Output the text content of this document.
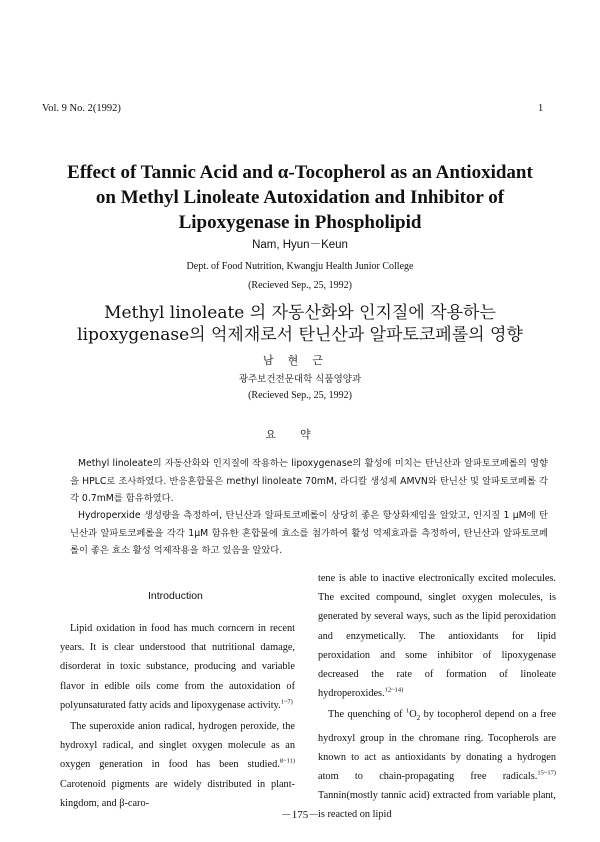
Vol. 9 No. 2(1992)	1
Effect of Tannic Acid and α-Tocopherol as an Antioxidant
on Methyl Linoleate Autoxidation and Inhibitor of
Lipoxygenase in Phospholipid
Nam, Hyun－Keun
Dept. of Food Nutrition, Kwangju Health Junior College
(Recieved Sep., 25, 1992)
Methyl linoleate 의 자동산화와 인지질에 작용하는
lipoxygenase의 억제재로서 탄닌산과 알파토코페롤의 영향
남현근
광주보건전문대학 식품영양과
(Recieved Sep., 25, 1992)
요약
Methyl linoleate의 자동산화와 인지질에 작용하는 lipoxygenase의 활성에 미치는 탄닌산과 알파토코페롤의 영향을 HPLC로 조사하였다. 반응혼합물은 methyl linoleate 70mM, 라디칼 생성제 AMVN와 탄닌산 및 알파토코페롤 각각 0.7mM를 함유하였다.
Hydroperxide 생성량을 측정하여, 탄닌산과 알파토코페롤이 상당히 좋은 항상화제임을 알았고, 인지질 1 μM에 탄닌산과 알파토코페롤을 각각 1μM 함유한 혼합물에 효소를 첨가하여 활성 억제효과를 측정하여, 탄닌산과 알파토코페롤이 좋은 효소 활성 억제작용을 하고 있음을 알았다.
Introduction

Lipid oxidation in food has much corncern in recent years. It is clear understood that nutritional damage, disorderat in toxic substance, producing and variable flavor in edible oils come from the autoxidation of polyunsaturated fatty acids and lipoxygenase activity.$^{1\sim 7)}$

The superoxide anion radical, hydrogen peroxide, the hydroxyl radical, and singlet oxygen molecule as an oxygen generation in food has been studied.$^{8\sim 11)}$ Carotenoid pigments are widely distributed in plant-kingdom, and β-caro-

tene is able to inactive electronically excited molecules. The excited compound, singlet oxygen molecules, is generated by several ways, such as the lipid peroxidation and enzymetically. The antioxidants for lipid peroxidation and some inhibitor of lipoxygenase decreased the rate of formation of linoleate hydroperoxides.$^{12\sim 14)}$

The quenching of $^1O_2$ by tocopherol depend on a free hydroxyl group in the chromane ring. Tocopherols are known to act as antioxidants by donating a hydrogen atom to chain-propagating free radicals.$^{15\sim 17)}$ Tannin(mostly tannic acid) extracted from variable plant, is reacted on lipid

－175－
